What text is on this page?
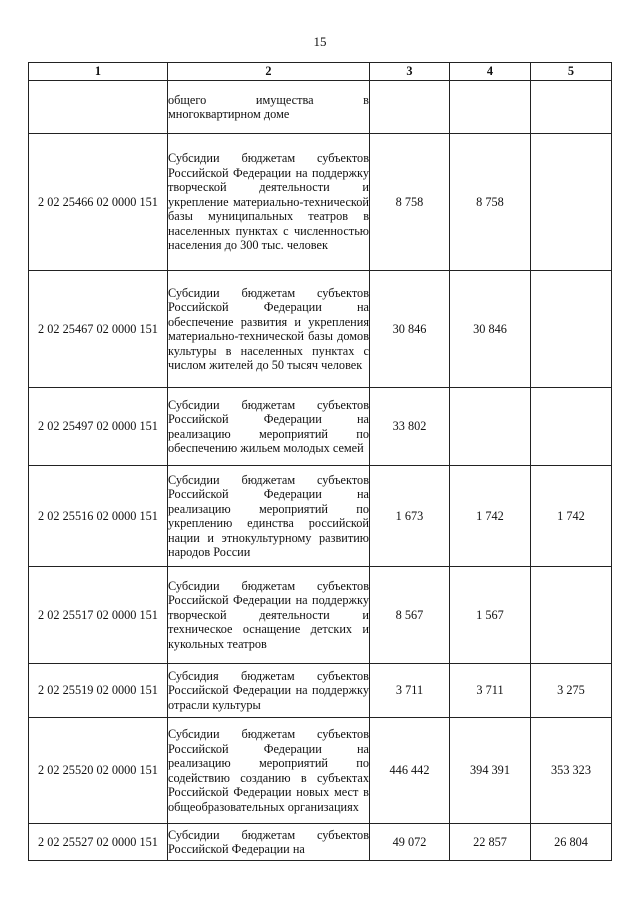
15
1	2	3	4	5
	общего имущества в многоквартирном доме			
2 02 25466 02 0000 151	Субсидии бюджетам субъектов Российской Федерации на поддержку творческой деятельности и укрепление материально-технической базы муниципальных театров в населенных пунктах с численностью населения до 300 тыс. человек	8 758	8 758	
2 02 25467 02 0000 151	Субсидии бюджетам субъектов Российской Федерации на обеспечение развития и укрепления материально-технической базы домов культуры в населенных пунктах с числом жителей до 50 тысяч человек	30 846	30 846	
2 02 25497 02 0000 151	Субсидии бюджетам субъектов Российской Федерации на реализацию мероприятий по обеспечению жильем молодых семей	33 802		
2 02 25516 02 0000 151	Субсидии бюджетам субъектов Российской Федерации на реализацию мероприятий по укреплению единства российской нации и этнокультурному развитию народов России	1 673	1 742	1 742
2 02 25517 02 0000 151	Субсидии бюджетам субъектов Российской Федерации на поддержку творческой деятельности и техническое оснащение детских и кукольных театров	8 567	1 567	
2 02 25519 02 0000 151	Субсидия бюджетам субъектов Российской Федерации на поддержку отрасли культуры	3 711	3 711	3 275
2 02 25520 02 0000 151	Субсидии бюджетам субъектов Российской Федерации на реализацию мероприятий по содействию созданию в субъектах Российской Федерации новых мест в общеобразовательных организациях	446 442	394 391	353 323
2 02 25527 02 0000 151	Субсидии бюджетам субъектов Российской Федерации на	49 072	22 857	26 804
